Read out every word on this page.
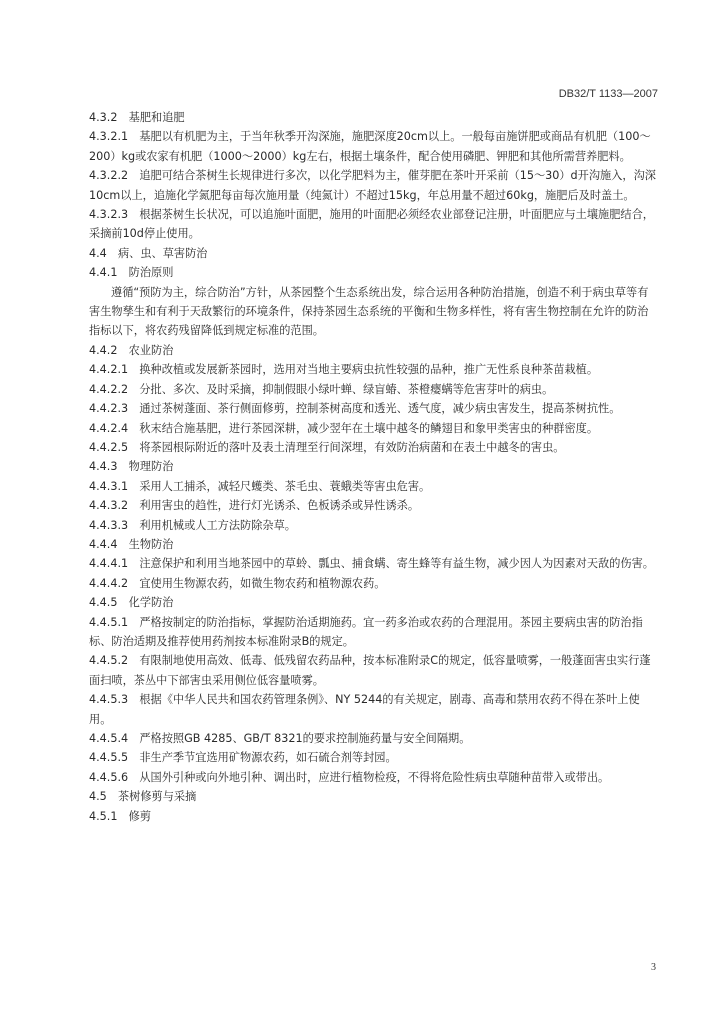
DB32/T 1133—2007

4.3.2　基肥和追肥

4.3.2.1　基肥以有机肥为主，于当年秋季开沟深施，施肥深度20cm以上。一般每亩施饼肥或商品有机肥（100～200）kg或农家有机肥（1000～2000）kg左右，根据土壤条件，配合使用磷肥、钾肥和其他所需营养肥料。

4.3.2.2　追肥可结合茶树生长规律进行多次，以化学肥料为主，催芽肥在茶叶开采前（15～30）d开沟施入，沟深10cm以上，追施化学氮肥每亩每次施用量（纯氮计）不超过15kg，年总用量不超过60kg，施肥后及时盖土。

4.3.2.3　根据茶树生长状况，可以追施叶面肥，施用的叶面肥必须经农业部登记注册，叶面肥应与土壤施肥结合，采摘前10d停止使用。

4.4　病、虫、草害防治

4.4.1　防治原则

遵循“预防为主，综合防治”方针，从茶园整个生态系统出发，综合运用各种防治措施，创造不利于病虫草等有害生物孳生和有利于天敌繁衍的环境条件，保持茶园生态系统的平衡和生物多样性，将有害生物控制在允许的防治指标以下，将农药残留降低到规定标准的范围。

4.4.2　农业防治

4.4.2.1　换种改植或发展新茶园时，选用对当地主要病虫抗性较强的品种，推广无性系良种茶苗栽植。

4.4.2.2　分批、多次、及时采摘，抑制假眼小绿叶蝉、绿盲蝽、茶橙瘿螨等危害芽叶的病虫。

4.4.2.3　通过茶树蓬面、茶行侧面修剪，控制茶树高度和透光、透气度，减少病虫害发生，提高茶树抗性。

4.4.2.4　秋末结合施基肥，进行茶园深耕，减少翌年在土壤中越冬的鳞翅目和象甲类害虫的种群密度。

4.4.2.5　将茶园根际附近的落叶及表土清理至行间深埋，有效防治病菌和在表土中越冬的害虫。

4.4.3　物理防治

4.4.3.1　采用人工捕杀，减轻尺蠖类、茶毛虫、蓑蛾类等害虫危害。

4.4.3.2　利用害虫的趋性，进行灯光诱杀、色板诱杀或异性诱杀。

4.4.3.3　利用机械或人工方法防除杂草。

4.4.4　生物防治

4.4.4.1　注意保护和利用当地茶园中的草蛉、瓢虫、捕食螨、寄生蜂等有益生物，减少因人为因素对天敌的伤害。

4.4.4.2　宜使用生物源农药，如微生物农药和植物源农药。

4.4.5　化学防治

4.4.5.1　严格按制定的防治指标，掌握防治适期施药。宜一药多治或农药的合理混用。茶园主要病虫害的防治指标、防治适期及推荐使用药剂按本标准附录B的规定。

4.4.5.2　有限制地使用高效、低毒、低残留农药品种，按本标准附录C的规定，低容量喷雾，一般蓬面害虫实行蓬面扫喷，茶丛中下部害虫采用侧位低容量喷雾。

4.4.5.3　根据《中华人民共和国农药管理条例》、NY 5244的有关规定，剧毒、高毒和禁用农药不得在茶叶上使用。

4.4.5.4　严格按照GB 4285、GB/T 8321的要求控制施药量与安全间隔期。

4.4.5.5　非生产季节宜选用矿物源农药，如石硫合剂等封园。

4.4.5.6　从国外引种或向外地引种、调出时，应进行植物检疫，不得将危险性病虫草随种苗带入或带出。

4.5　茶树修剪与采摘

4.5.1　修剪

3
